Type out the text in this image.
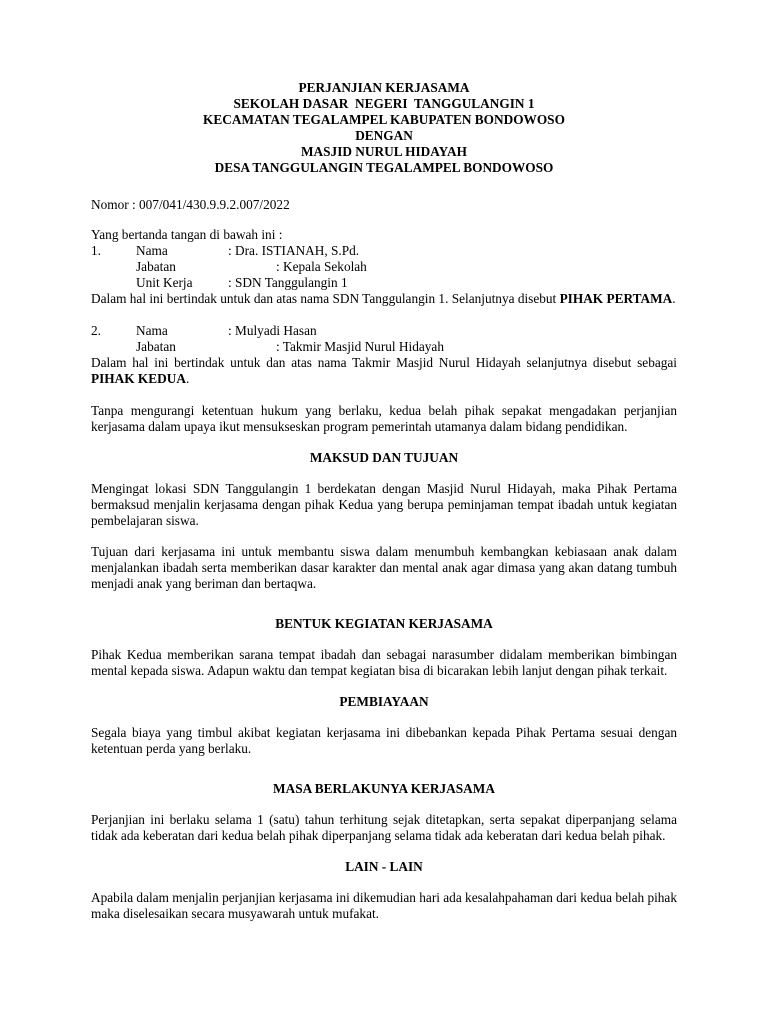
PERJANJIAN KERJASAMA
SEKOLAH DASAR  NEGERI  TANGGULANGIN 1
KECAMATAN TEGALAMPEL KABUPATEN BONDOWOSO
DENGAN
MASJID NURUL HIDAYAH
DESA TANGGULANGIN TEGALAMPEL BONDOWOSO

Nomor : 007/041/430.9.9.2.007/2022

Yang bertanda tangan di bawah ini :

1.	Nama	: Dra. ISTIANAH, S.Pd.
Jabatan	: Kepala Sekolah
Unit Kerja	: SDN Tanggulangin 1

Dalam hal ini bertindak untuk dan atas nama SDN Tanggulangin 1. Selanjutnya disebut PIHAK PERTAMA.

2.	Nama	: Mulyadi Hasan
Jabatan	: Takmir Masjid Nurul Hidayah

Dalam hal ini bertindak untuk dan atas nama Takmir Masjid Nurul Hidayah selanjutnya disebut sebagai PIHAK KEDUA.

Tanpa mengurangi ketentuan hukum yang berlaku, kedua belah pihak sepakat mengadakan perjanjian kerjasama dalam upaya ikut mensukseskan program pemerintah utamanya dalam bidang pendidikan.

MAKSUD DAN TUJUAN

Mengingat lokasi SDN Tanggulangin 1 berdekatan dengan Masjid Nurul Hidayah, maka Pihak Pertama bermaksud menjalin kerjasama dengan pihak Kedua yang berupa peminjaman tempat ibadah untuk kegiatan pembelajaran siswa.

Tujuan dari kerjasama ini untuk membantu siswa dalam menumbuh kembangkan kebiasaan anak dalam menjalankan ibadah serta memberikan dasar karakter dan mental anak agar dimasa yang akan datang tumbuh menjadi anak yang beriman dan bertaqwa.

BENTUK KEGIATAN KERJASAMA

Pihak Kedua memberikan sarana tempat ibadah dan sebagai narasumber didalam memberikan bimbingan mental kepada siswa. Adapun waktu dan tempat kegiatan bisa di bicarakan lebih lanjut dengan pihak terkait.

PEMBIAYAAN

Segala biaya yang timbul akibat kegiatan kerjasama ini dibebankan kepada Pihak Pertama sesuai dengan ketentuan perda yang berlaku.

MASA BERLAKUNYA KERJASAMA

Perjanjian ini berlaku selama 1 (satu) tahun terhitung sejak ditetapkan, serta sepakat diperpanjang selama tidak ada keberatan dari kedua belah pihak diperpanjang selama tidak ada keberatan dari kedua belah pihak.

LAIN - LAIN

Apabila dalam menjalin perjanjian kerjasama ini dikemudian hari ada kesalahpahaman dari kedua belah pihak maka diselesaikan secara musyawarah untuk mufakat.
